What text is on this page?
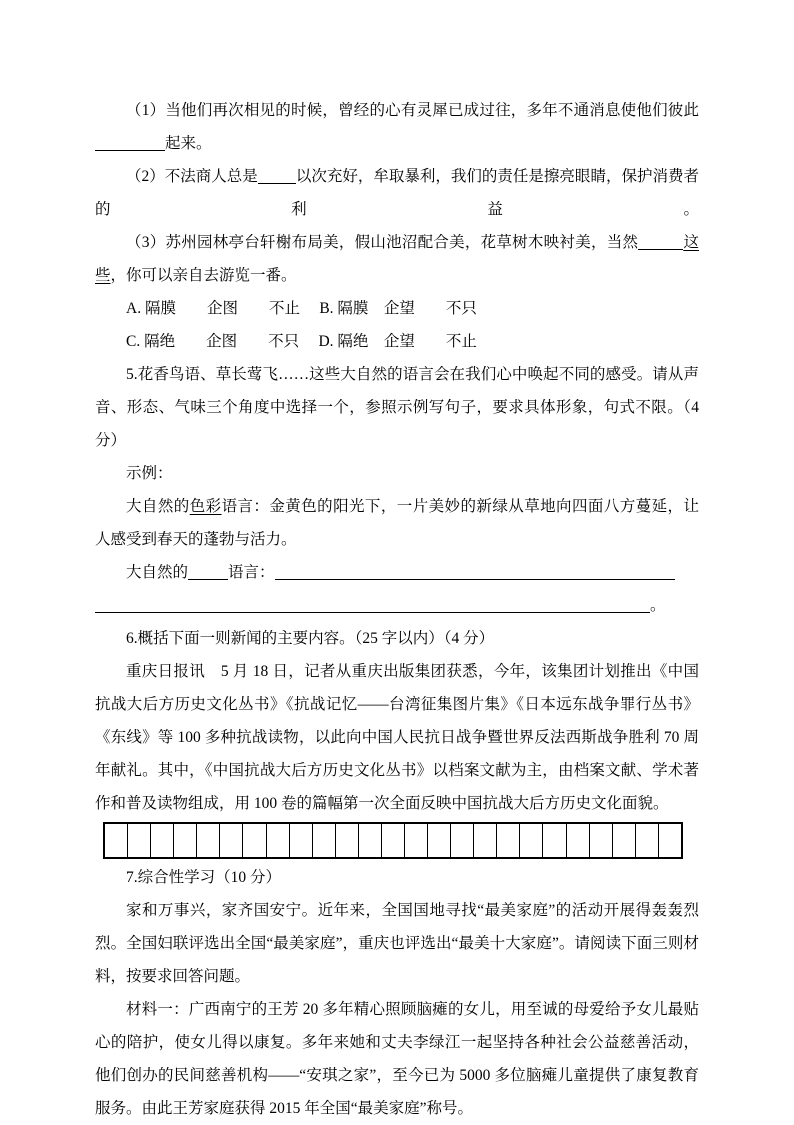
（1）当他们再次相见的时候，曾经的心有灵犀已成过往，多年不通消息使他们彼此

起来。

（2）不法商人总是 以次充好，牟取暴利，我们的责任是擦亮眼睛，保护消费者的利益。

（3）苏州园林亭台轩榭布局美，假山池沼配合美，花草树木映衬美，当然	这些，你可以亲自去游览一番。

A. 隔膜　　企图　　不止　 B. 隔膜　企望　　不只

C. 隔绝　　企图　　不只　 D. 隔绝　企望　　不止

5.花香鸟语、草长莺飞……这些大自然的语言会在我们心中唤起不同的感受。请从声音、形态、气味三个角度中选择一个，参照示例写句子，要求具体形象，句式不限。（4 分）

示例：

大自然的色彩语言：金黄色的阳光下，一片美妙的新绿从草地向四面八方蔓延，让人感受到春天的蓬勃与活力。

大自然的	语言：

。

6.概括下面一则新闻的主要内容。（25 字以内）（4 分）

重庆日报讯　5 月 18 日，记者从重庆出版集团获悉，今年，该集团计划推出《中国抗战大后方历史文化丛书》《抗战记忆——台湾征集图片集》《日本远东战争罪行丛书》《东线》等 100 多种抗战读物，以此向中国人民抗日战争暨世界反法西斯战争胜利 70 周年献礼。其中，《中国抗战大后方历史文化丛书》以档案文献为主，由档案文献、学术著作和普及读物组成，用 100 卷的篇幅第一次全面反映中国抗战大后方历史文化面貌。

7.综合性学习（10 分）

家和万事兴，家齐国安宁。近年来，全国国地寻找“最美家庭”的活动开展得轰轰烈烈。全国妇联评选出全国“最美家庭”，重庆也评选出“最美十大家庭”。请阅读下面三则材料，按要求回答问题。

材料一：广西南宁的王芳 20 多年精心照顾脑瘫的女儿，用至诚的母爱给予女儿最贴心的陪护，使女儿得以康复。多年来她和丈夫李绿江一起坚持各种社会公益慈善活动，他们创办的民间慈善机构——“安琪之家”，至今已为 5000 多位脑瘫儿童提供了康复教育服务。由此王芳家庭获得 2015 年全国“最美家庭”称号。
